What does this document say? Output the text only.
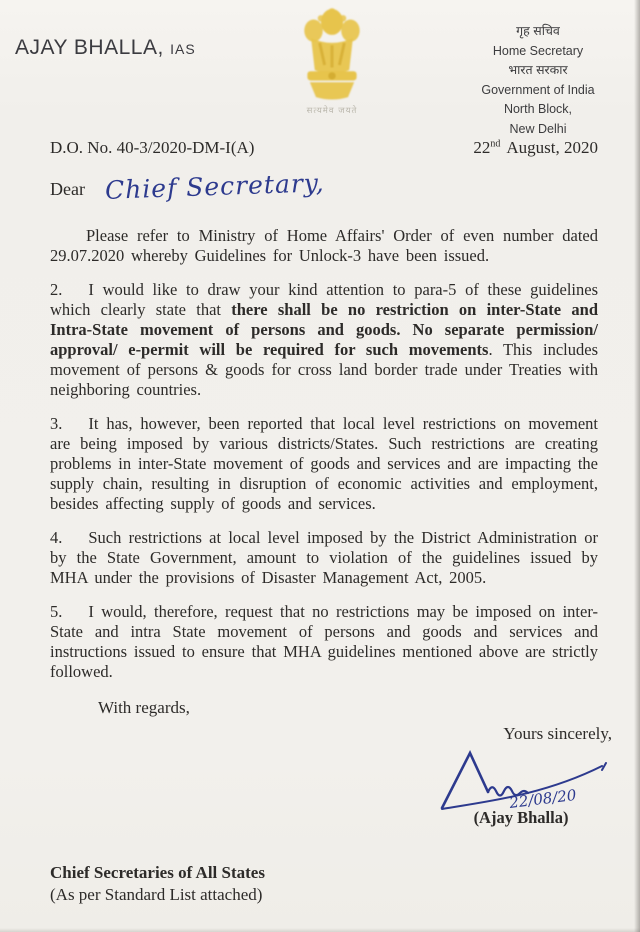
AJAY BHALLA, IAS
सत्यमेव जयते
गृह सचिव
Home Secretary
भारत सरकार
Government of India
North Block,
New Delhi
D.O. No. 40-3/2020-DM-I(A)	22nd August, 2020
Dear Chief Secretary,

Please refer to Ministry of Home Affairs' Order of even number dated 29.07.2020 whereby Guidelines for Unlock-3 have been issued.

2. I would like to draw your kind attention to para-5 of these guidelines which clearly state that there shall be no restriction on inter-State and Intra-State movement of persons and goods. No separate permission/ approval/ e-permit will be required for such movements. This includes movement of persons & goods for cross land border trade under Treaties with neighboring countries.

3. It has, however, been reported that local level restrictions on movement are being imposed by various districts/States. Such restrictions are creating problems in inter-State movement of goods and services and are impacting the supply chain, resulting in disruption of economic activities and employment, besides affecting supply of goods and services.

4. Such restrictions at local level imposed by the District Administration or by the State Government, amount to violation of the guidelines issued by MHA under the provisions of Disaster Management Act, 2005.

5. I would, therefore, request that no restrictions may be imposed on inter-State and intra State movement of persons and goods and services and instructions issued to ensure that MHA guidelines mentioned above are strictly followed.

With regards,
Yours sincerely,
22/08/20
(Ajay Bhalla)
Chief Secretaries of All States
(As per Standard List attached)
